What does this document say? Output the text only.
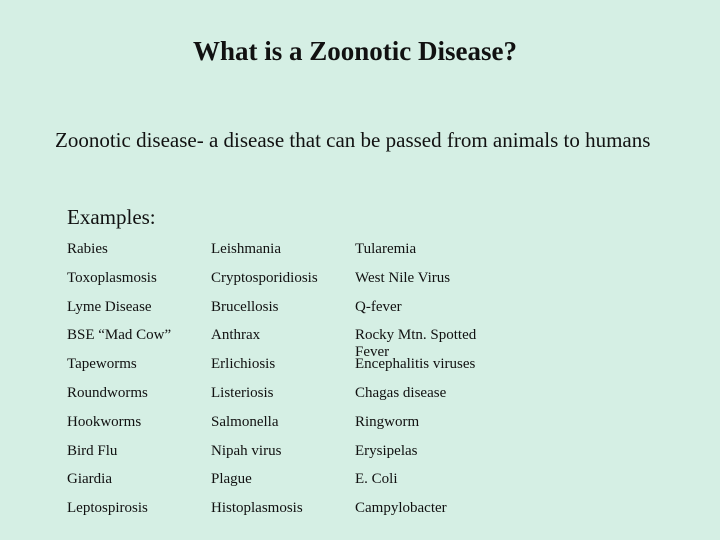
What is a Zoonotic Disease?
Zoonotic disease- a disease that can be passed from animals to humans
Examples:
Rabies	Leishmania	Tularemia
Toxoplasmosis	Cryptosporidiosis	West Nile Virus
Lyme Disease	Brucellosis	Q-fever
BSE “Mad Cow”	Anthrax	Rocky Mtn. Spotted Fever
Tapeworms	Erlichiosis	Encephalitis viruses
Roundworms	Listeriosis	Chagas disease
Hookworms	Salmonella	Ringworm
Bird Flu	Nipah virus	Erysipelas
Giardia	Plague	E. Coli
Leptospirosis	Histoplasmosis	Campylobacter
